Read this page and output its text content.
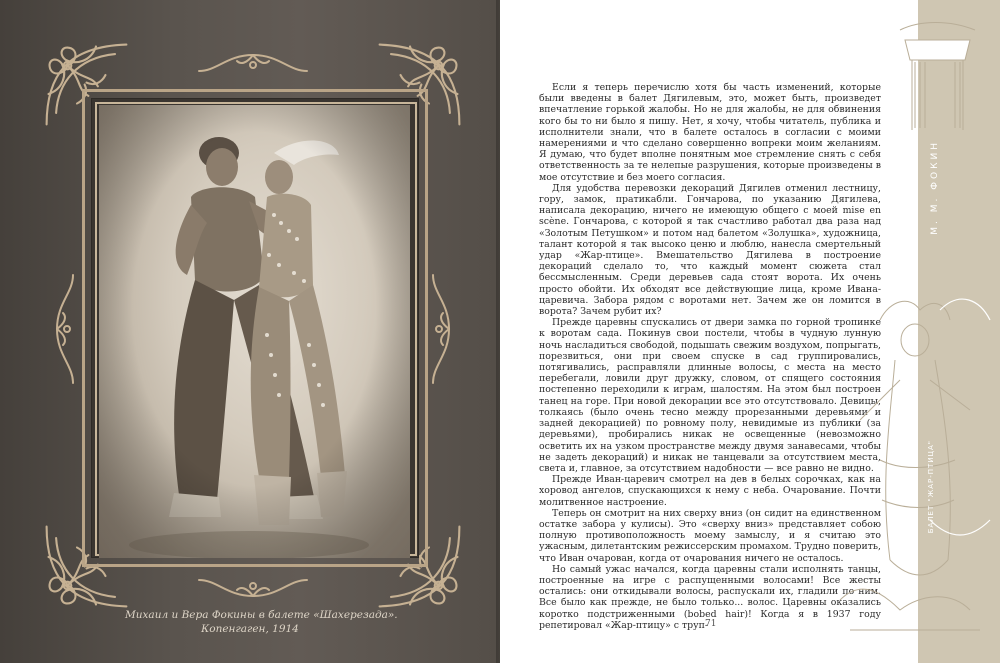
Михаил и Вера Фокины в балете «Шахерезада».
Копенгаген, 1914

Если я теперь перечислю хотя бы часть изменений, которые были введены в балет Дягилевым, это, может быть, произведет впечатление горькой жалобы. Но не для жалобы, не для обвинения кого бы то ни было я пишу. Нет, я хочу, чтобы читатель, публика и исполнители знали, что в балете осталось в согласии с моими намерениями и что сделано совершенно вопреки моим желаниям. Я думаю, что будет вполне понятным мое стремление снять с себя ответственность за те нелепые разрушения, которые произведены в мое отсутствие и без моего согласия.

Для удобства перевозки декораций Дягилев отменил лестницу, гору, замок, пратикабли. Гончарова, по указанию Дягилева, написала декорацию, ничего не имеющую общего с моей mise en scène. Гончарова, с которой я так счастливо работал два раза над «Золотым Петушком» и потом над балетом «Золушка», художница, талант которой я так высоко ценю и люблю, нанесла смертельный удар «Жар-птице». Вмешательство Дягилева в построение декораций сделало то, что каждый момент сюжета стал бессмысленным. Среди деревьев сада стоят ворота. Их очень просто обойти. Их обходят все действующие лица, кроме Ивана-царевича. Забора рядом с воротами нет. Зачем же он ломится в ворота? Зачем рубит их?

Прежде царевны спускались от двери замка по горной тропинке к воротам сада. Покинув свои постели, чтобы в чудную лунную ночь насладиться свободой, подышать свежим воздухом, попрыгать, порезвиться, они при своем спуске в сад группировались, потягивались, расправляли длинные волосы, с места на место перебегали, ловили друг дружку, словом, от спящего состояния постепенно переходили к играм, шалостям. На этом был построен танец на горе. При новой декорации все это отсутствовало. Девицы, толкаясь (было очень тесно между прорезанными деревьями и задней декорацией) по ровному полу, невидимые из публики (за деревьями), пробирались никак не освещенные (невозможно осветить их на узком пространстве между двумя занавесами, чтобы не задеть декораций) и никак не танцевали за отсутствием места, света и, главное, за отсутствием надобности — все равно не видно.

Прежде Иван-царевич смотрел на дев в белых сорочках, как на хоровод ангелов, спускающихся к нему с неба. Очарование. Почти молитвенное настроение.

Теперь он смотрит на них сверху вниз (он сидит на единственном остатке забора у кулисы). Это «сверху вниз» представляет собою полную противоположность моему замыслу, и я считаю это ужасным, дилетантским режиссерским промахом. Трудно поверить, что Иван очарован, когда от очарования ничего не осталось.

Но самый ужас начался, когда царевны стали исполнять танцы, построенные на игре с распущенными волосами! Все жесты остались: они откидывали волосы, распускали их, гладили по ним. Все было как прежде, не было только... волос. Царевны оказались коротко подстриженными (bobed hair)! Когда я в 1937 году репетировал «Жар-птицу» с труп-

71
М. М. ФОКИН
БАЛЕТ "ЖАР-ПТИЦА"
